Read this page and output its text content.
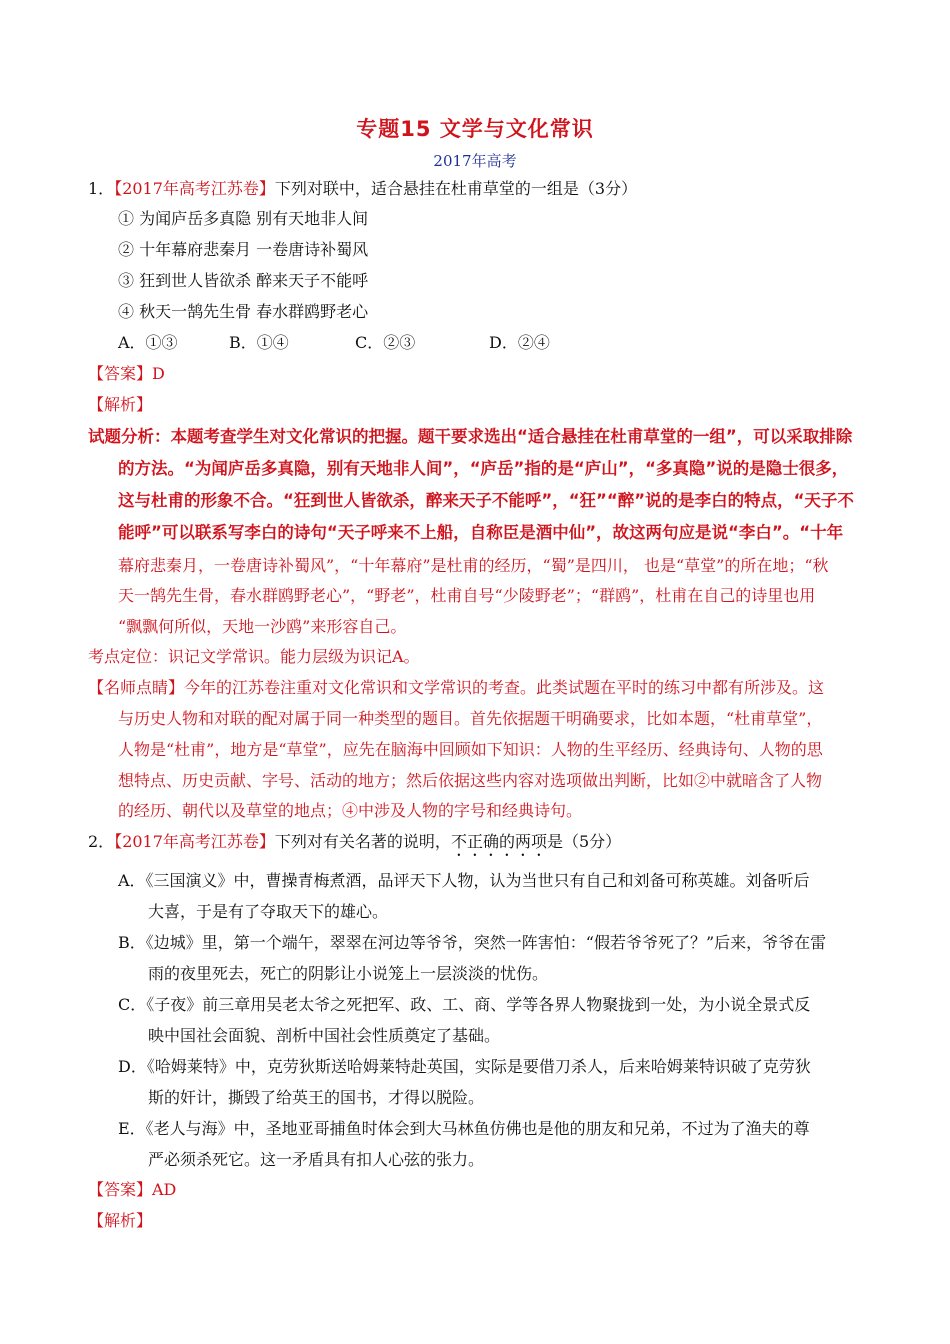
专题15 文学与文化常识
2017年高考
1．【2017年高考江苏卷】下列对联中，适合悬挂在杜甫草堂的一组是（3分）
① 为闻庐岳多真隐 别有天地非人间
② 十年幕府悲秦月 一卷唐诗补蜀风
③ 狂到世人皆欲杀 醉来天子不能呼
④ 秋天一鹄先生骨 春水群鸥野老心
A．①③	B．①④	C．②③	D．②④
【答案】D
【解析】
试题分析：本题考查学生对文化常识的把握。题干要求选出“适合悬挂在杜甫草堂的一组”，可以采取排除
的方法。“为闻庐岳多真隐，别有天地非人间”，“庐岳”指的是“庐山”，“多真隐”说的是隐士很多，
这与杜甫的形象不合。“狂到世人皆欲杀，醉来天子不能呼”，“狂”“醉”说的是李白的特点，“天子不
能呼”可以联系写李白的诗句“天子呼来不上船，自称臣是酒中仙”，故这两句应是说“李白”。“十年
幕府悲秦月，一卷唐诗补蜀风”，“十年幕府”是杜甫的经历，“蜀”是四川， 也是“草堂”的所在地；“秋
天一鹄先生骨，春水群鸥野老心”，“野老”，杜甫自号“少陵野老”；“群鸥”，杜甫在自己的诗里也用
“飘飘何所似，天地一沙鸥”来形容自己。
考点定位：识记文学常识。能力层级为识记A。
【名师点睛】今年的江苏卷注重对文化常识和文学常识的考查。此类试题在平时的练习中都有所涉及。这
与历史人物和对联的配对属于同一种类型的题目。首先依据题干明确要求，比如本题，“杜甫草堂”，
人物是“杜甫”，地方是“草堂”，应先在脑海中回顾如下知识：人物的生平经历、经典诗句、人物的思
想特点、历史贡献、字号、活动的地方；然后依据这些内容对选项做出判断，比如②中就暗含了人物
的经历、朝代以及草堂的地点；④中涉及人物的字号和经典诗句。
2．【2017年高考江苏卷】下列对有关名著的说明，不正确的两项是（5分）
A．《三国演义》中，曹操青梅煮酒，品评天下人物，认为当世只有自己和刘备可称英雄。刘备听后
大喜，于是有了夺取天下的雄心。
B．《边城》里，第一个端午，翠翠在河边等爷爷，突然一阵害怕：“假若爷爷死了？”后来，爷爷在雷
雨的夜里死去，死亡的阴影让小说笼上一层淡淡的忧伤。
C．《子夜》前三章用吴老太爷之死把军、政、工、商、学等各界人物聚拢到一处，为小说全景式反
映中国社会面貌、剖析中国社会性质奠定了基础。
D．《哈姆莱特》中，克劳狄斯送哈姆莱特赴英国，实际是要借刀杀人，后来哈姆莱特识破了克劳狄
斯的奸计，撕毁了给英王的国书，才得以脱险。
E．《老人与海》中，圣地亚哥捕鱼时体会到大马林鱼仿佛也是他的朋友和兄弟，不过为了渔夫的尊
严必须杀死它。这一矛盾具有扣人心弦的张力。
【答案】AD
【解析】
